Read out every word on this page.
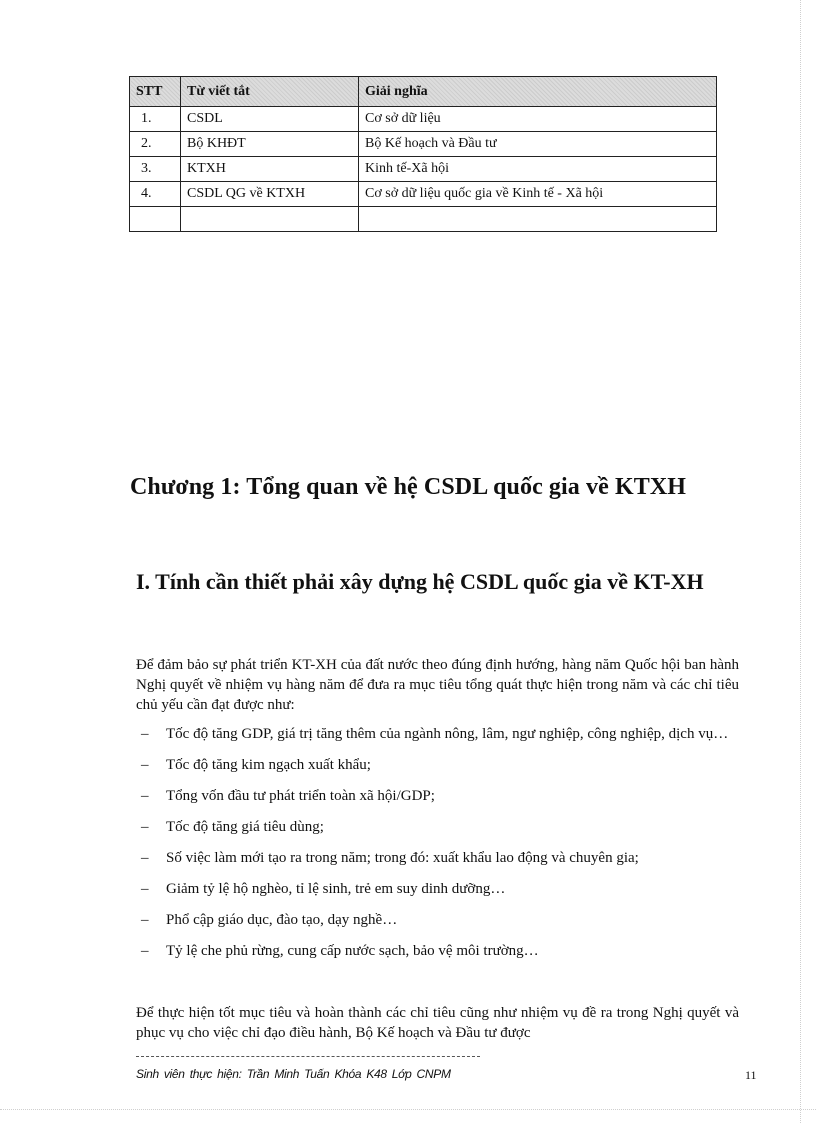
STT	Từ viết tắt	Giải nghĩa
1.	CSDL	Cơ sở dữ liệu
2.	Bộ KHĐT	Bộ Kế hoạch và Đầu tư
3.	KTXH	Kinh tế-Xã hội
4.	CSDL QG về KTXH	Cơ sở dữ liệu quốc gia về Kinh tế - Xã hội

Chương 1: Tổng quan về hệ CSDL quốc gia về KTXH
I. Tính cần thiết phải xây dựng hệ CSDL quốc gia về KT-XH

Để đảm bảo sự phát triển KT-XH của đất nước theo đúng định hướng, hàng năm Quốc hội ban hành Nghị quyết về nhiệm vụ hàng năm để đưa ra mục tiêu tổng quát thực hiện trong năm và các chỉ tiêu chủ yếu cần đạt được như:

– Tốc độ tăng GDP, giá trị tăng thêm của ngành nông, lâm, ngư nghiệp, công nghiệp, dịch vụ…
– Tốc độ tăng kim ngạch xuất khẩu;
– Tổng vốn đầu tư phát triển toàn xã hội/GDP;
– Tốc độ tăng giá tiêu dùng;
– Số việc làm mới tạo ra trong năm; trong đó: xuất khẩu lao động và chuyên gia;
– Giảm tỷ lệ hộ nghèo, tỉ lệ sinh, trẻ em suy dinh dưỡng…
– Phổ cập giáo dục, đào tạo, dạy nghề…
– Tỷ lệ che phủ rừng, cung cấp nước sạch, bảo vệ môi trường…

Để thực hiện tốt mục tiêu và hoàn thành các chỉ tiêu cũng như nhiệm vụ đề ra trong Nghị quyết và phục vụ cho việc chỉ đạo điều hành, Bộ Kế hoạch và Đầu tư được

Sinh viên thực hiện: Trần Minh Tuấn Khóa K48 Lớp CNPM	11
